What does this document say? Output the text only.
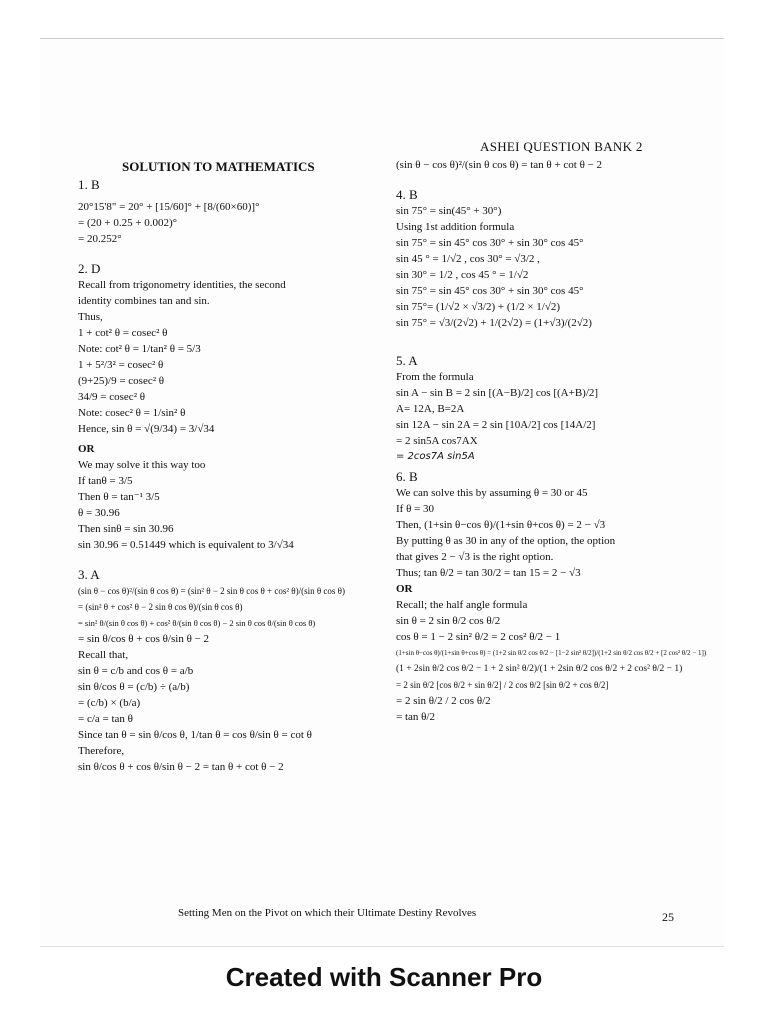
ASHEI QUESTION BANK 2
SOLUTION TO MATHEMATICS
1. B

20°15'8" = 20° + [15/60]° + [8/(60×60)]°

= (20 + 0.25 + 0.002)°

= 20.252°

2. D

Recall from trigonometry identities, the second

identity combines tan and sin.

Thus,

1 + cot² θ = cosec² θ

Note: cot² θ = 1/tan² θ = 5/3

1 + 5²/3² = cosec² θ

(9+25)/9 = cosec² θ

34/9 = cosec² θ

Note: cosec² θ = 1/sin² θ

Hence, sin θ = √(9/34) = 3/√34

OR

We may solve it this way too

If tanθ = 3/5

Then θ = tan⁻¹ 3/5

θ = 30.96

Then sinθ = sin 30.96

sin 30.96 = 0.51449 which is equivalent to 3/√34

3. A

(sin θ − cos θ)²/(sin θ cos θ) = (sin² θ − 2 sin θ cos θ + cos² θ)/(sin θ cos θ)

= (sin² θ + cos² θ − 2 sin θ cos θ)/(sin θ cos θ)

= sin² θ/(sin θ cos θ) + cos² θ/(sin θ cos θ) − 2 sin θ cos θ/(sin θ cos θ)

= sin θ/cos θ + cos θ/sin θ − 2

Recall that,

sin θ = c/b and cos θ = a/b

sin θ/cos θ = (c/b) ÷ (a/b)

= (c/b) × (b/a)

= c/a = tan θ

Since tan θ = sin θ/cos θ, 1/tan θ = cos θ/sin θ = cot θ

Therefore,

sin θ/cos θ + cos θ/sin θ − 2 = tan θ + cot θ − 2

(sin θ − cos θ)²/(sin θ cos θ) = tan θ + cot θ − 2

4. B

sin 75° = sin(45° + 30°)

Using 1st addition formula

sin 75° = sin 45° cos 30° + sin 30° cos 45°

sin 45 ° = 1/√2 , cos 30° = √3/2 ,

sin 30° = 1/2 , cos 45 ° = 1/√2

sin 75° = sin 45° cos 30° + sin 30° cos 45°

sin 75°= (1/√2 × √3/2) + (1/2 × 1/√2)

sin 75° = √3/(2√2) + 1/(2√2) = (1+√3)/(2√2)

5. A

From the formula

sin A − sin B = 2 sin [(A−B)/2] cos [(A+B)/2]

A= 12A, B=2A

sin 12A − sin 2A = 2 sin [10A/2] cos [14A/2]

= 2 sin5A cos7AX

= 2cos7A sin5A

6. B

We can solve this by assuming θ = 30 or 45

If θ = 30

Then, (1+sin θ−cos θ)/(1+sin θ+cos θ) = 2 − √3

By putting θ as 30 in any of the option, the option

that gives 2 − √3 is the right option.

Thus; tan θ/2 = tan 30/2 = tan 15 = 2 − √3

OR

Recall; the half angle formula

sin θ = 2 sin θ/2 cos θ/2

cos θ = 1 − 2 sin² θ/2 = 2 cos² θ/2 − 1

(1+sin θ−cos θ)/(1+sin θ+cos θ) = (1+2 sin θ/2 cos θ/2 − [1−2 sin² θ/2])/(1+2 sin θ/2 cos θ/2 + [2 cos² θ/2 − 1])

(1 + 2sin θ/2 cos θ/2 − 1 + 2 sin² θ/2)/(1 + 2sin θ/2 cos θ/2 + 2 cos² θ/2 − 1)

= 2 sin θ/2 [cos θ/2 + sin θ/2] / 2 cos θ/2 [sin θ/2 + cos θ/2]

= 2 sin θ/2 / 2 cos θ/2

= tan θ/2

Setting Men on the Pivot on which their Ultimate Destiny Revolves	25
Created with Scanner Pro
